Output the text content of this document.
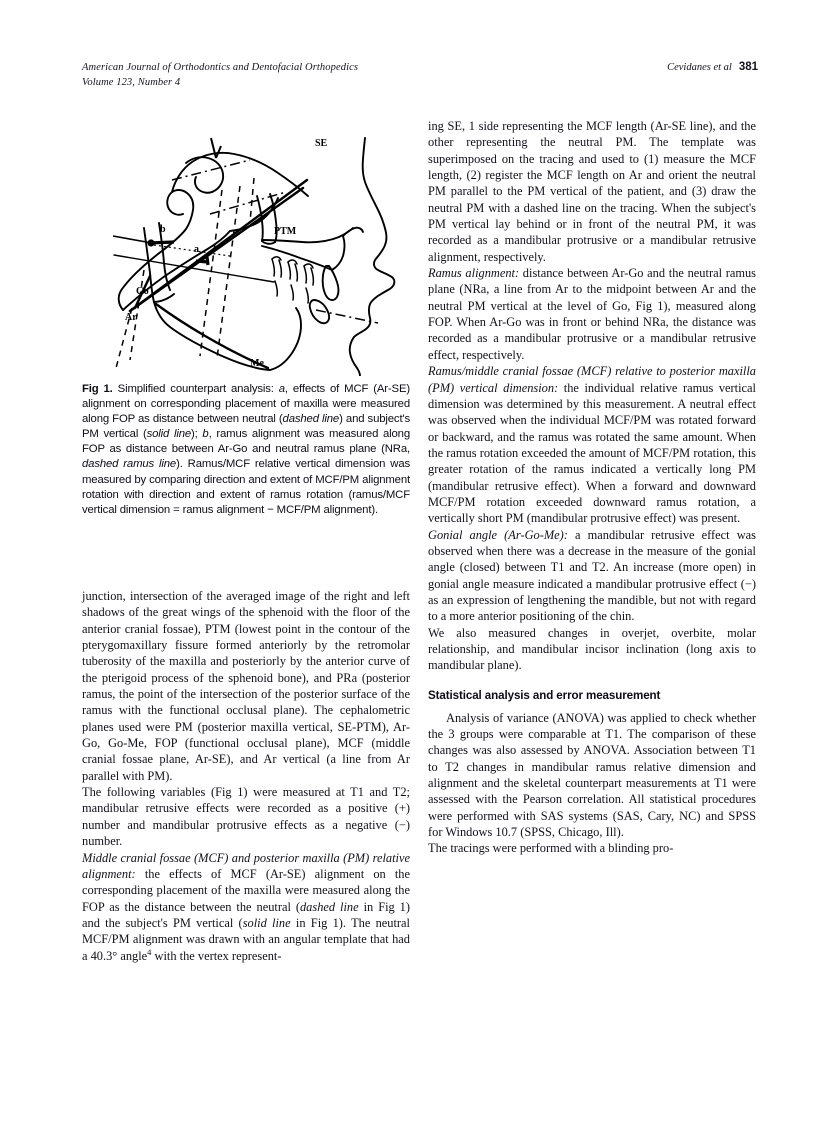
American Journal of Orthodontics and Dentofacial Orthopedics
Volume 123, Number 4
Cevidanes et al 381
SE
Ar
PTM
b
a
Go
Me

Fig 1. Simplified counterpart analysis: a, effects of MCF (Ar-SE) alignment on corresponding placement of maxilla were measured along FOP as distance between neutral (dashed line) and subject's PM vertical (solid line); b, ramus alignment was measured along FOP as distance between Ar-Go and neutral ramus plane (NRa, dashed ramus line). Ramus/MCF relative vertical dimension was measured by comparing direction and extent of MCF/PM alignment rotation with direction and extent of ramus rotation (ramus/MCF vertical dimension = ramus alignment − MCF/PM alignment).

junction, intersection of the averaged image of the right and left shadows of the great wings of the sphenoid with the floor of the anterior cranial fossae), PTM (lowest point in the contour of the pterygomaxillary fissure formed anteriorly by the retromolar tuberosity of the maxilla and posteriorly by the anterior curve of the pterigoid process of the sphenoid bone), and PRa (posterior ramus, the point of the intersection of the posterior surface of the ramus with the functional occlusal plane). The cephalometric planes used were PM (posterior maxilla vertical, SE-PTM), Ar-Go, Go-Me, FOP (functional occlusal plane), MCF (middle cranial fossae plane, Ar-SE), and Ar vertical (a line from Ar parallel with PM).

The following variables (Fig 1) were measured at T1 and T2; mandibular retrusive effects were recorded as a positive (+) number and mandibular protrusive effects as a negative (−) number.

Middle cranial fossae (MCF) and posterior maxilla (PM) relative alignment: the effects of MCF (Ar-SE) alignment on the corresponding placement of the maxilla were measured along the FOP as the distance between the neutral (dashed line in Fig 1) and the subject's PM vertical (solid line in Fig 1). The neutral MCF/PM alignment was drawn with an angular template that had a 40.3° angle$^4$ with the vertex represent-

ing SE, 1 side representing the MCF length (Ar-SE line), and the other representing the neutral PM. The template was superimposed on the tracing and used to (1) measure the MCF length, (2) register the MCF length on Ar and orient the neutral PM parallel to the PM vertical of the patient, and (3) draw the neutral PM with a dashed line on the tracing. When the subject's PM vertical lay behind or in front of the neutral PM, it was recorded as a mandibular protrusive or a mandibular retrusive alignment, respectively.

Ramus alignment: distance between Ar-Go and the neutral ramus plane (NRa, a line from Ar to the midpoint between Ar and the neutral PM vertical at the level of Go, Fig 1), measured along FOP. When Ar-Go was in front or behind NRa, the distance was recorded as a mandibular protrusive or a mandibular retrusive effect, respectively.

Ramus/middle cranial fossae (MCF) relative to posterior maxilla (PM) vertical dimension: the individual relative ramus vertical dimension was determined by this measurement. A neutral effect was observed when the individual MCF/PM was rotated forward or backward, and the ramus was rotated the same amount. When the ramus rotation exceeded the amount of MCF/PM rotation, this greater rotation of the ramus indicated a vertically long PM (mandibular retrusive effect). When a forward and downward MCF/PM rotation exceeded downward ramus rotation, a vertically short PM (mandibular protrusive effect) was present.

Gonial angle (Ar-Go-Me): a mandibular retrusive effect was observed when there was a decrease in the measure of the gonial angle (closed) between T1 and T2. An increase (more open) in gonial angle measure indicated a mandibular protrusive effect (−) as an expression of lengthening the mandible, but not with regard to a more anterior positioning of the chin.

We also measured changes in overjet, overbite, molar relationship, and mandibular incisor inclination (long axis to mandibular plane).

Statistical analysis and error measurement

Analysis of variance (ANOVA) was applied to check whether the 3 groups were comparable at T1. The comparison of these changes was also assessed by ANOVA. Association between T1 to T2 changes in mandibular ramus relative dimension and alignment and the skeletal counterpart measurements at T1 were assessed with the Pearson correlation. All statistical procedures were performed with SAS systems (SAS, Cary, NC) and SPSS for Windows 10.7 (SPSS, Chicago, Ill).

The tracings were performed with a blinding pro-
